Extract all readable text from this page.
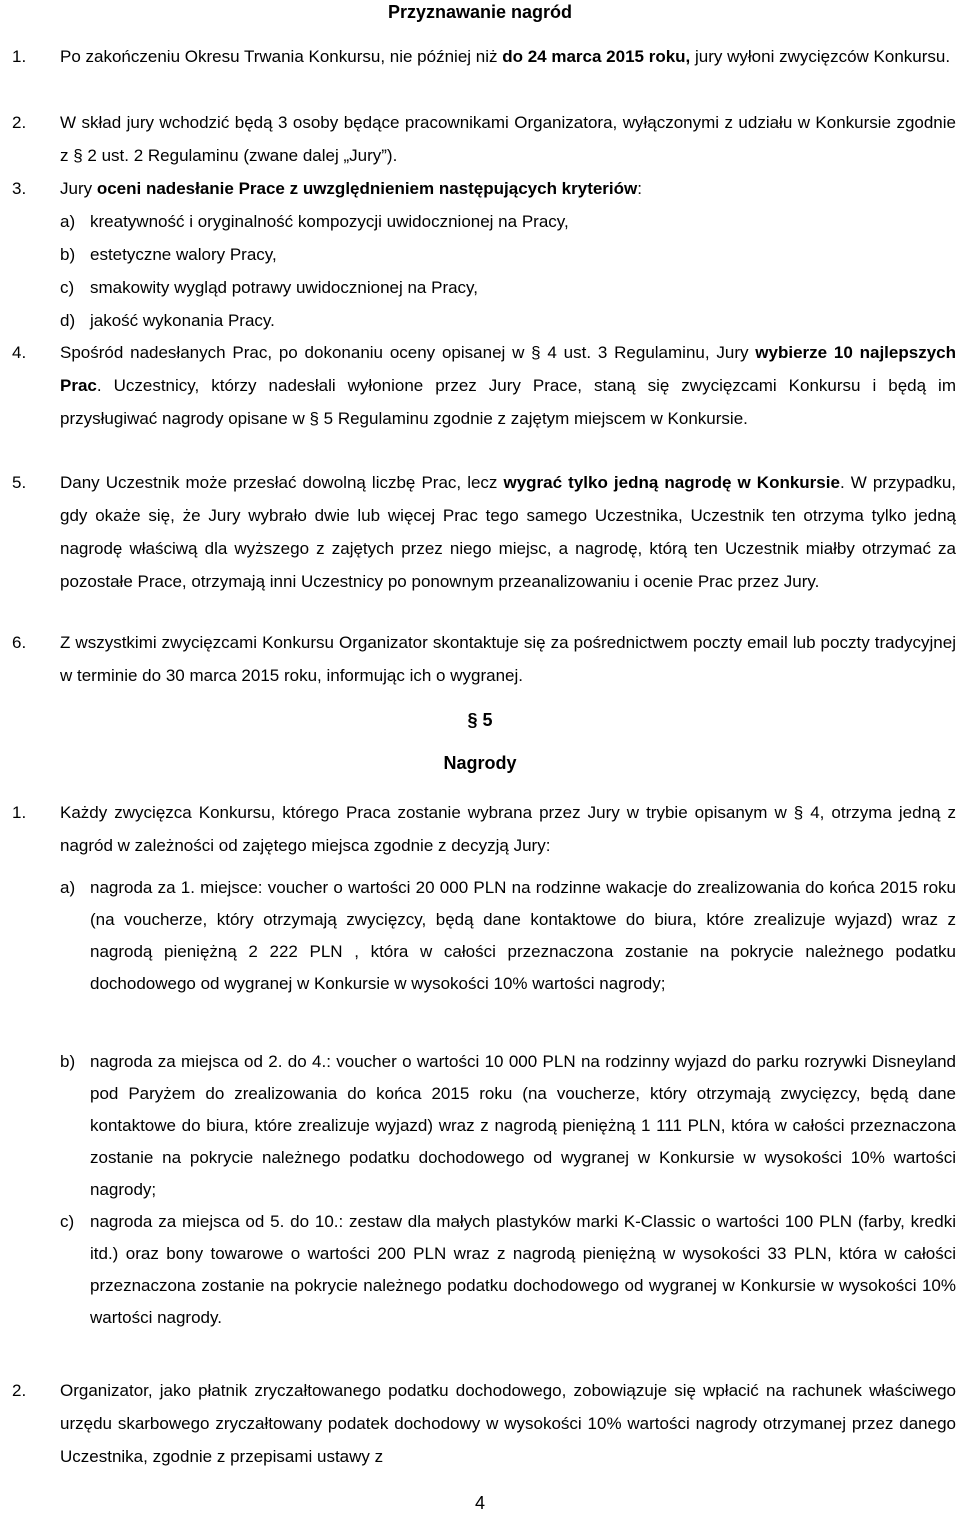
Przyznawanie nagród
1. Po zakończeniu Okresu Trwania Konkursu, nie później niż do 24 marca 2015 roku, jury wyłoni zwycięzców Konkursu.
2. W skład jury wchodzić będą 3 osoby będące pracownikami Organizatora, wyłączonymi z udziału w Konkursie zgodnie z § 2 ust. 2 Regulaminu (zwane dalej „Jury”).
3. Jury oceni nadesłanie Prace z uwzględnieniem następujących kryteriów:
a) kreatywność i oryginalność kompozycji uwidocznionej na Pracy,
b) estetyczne walory Pracy,
c) smakowity wygląd potrawy uwidocznionej na Pracy,
d) jakość wykonania Pracy.
4. Spośród nadesłanych Prac, po dokonaniu oceny opisanej w § 4 ust. 3 Regulaminu, Jury wybierze 10 najlepszych Prac. Uczestnicy, którzy nadesłali wyłonione przez Jury Prace, staną się zwycięzcami Konkursu i będą im przysługiwać nagrody opisane w § 5 Regulaminu zgodnie z zajętym miejscem w Konkursie.
5. Dany Uczestnik może przesłać dowolną liczbę Prac, lecz wygrać tylko jedną nagrodę w Konkursie. W przypadku, gdy okaże się, że Jury wybrało dwie lub więcej Prac tego samego Uczestnika, Uczestnik ten otrzyma tylko jedną nagrodę właściwą dla wyższego z zajętych przez niego miejsc, a nagrodę, którą ten Uczestnik miałby otrzymać za pozostałe Prace, otrzymają inni Uczestnicy po ponownym przeanalizowaniu i ocenie Prac przez Jury.
6. Z wszystkimi zwycięzcami Konkursu Organizator skontaktuje się za pośrednictwem poczty email lub poczty tradycyjnej w terminie do 30 marca 2015 roku, informując ich o wygranej.
§ 5
Nagrody
1. Każdy zwycięzca Konkursu, którego Praca zostanie wybrana przez Jury w trybie opisanym w § 4, otrzyma jedną z nagród w zależności od zajętego miejsca zgodnie z decyzją Jury:
a) nagroda za 1. miejsce: voucher o wartości 20 000 PLN na rodzinne wakacje do zrealizowania do końca 2015 roku (na voucherze, który otrzymają zwycięzcy, będą dane kontaktowe do biura, które zrealizuje wyjazd) wraz z nagrodą pieniężną 2 222 PLN , która w całości przeznaczona zostanie na pokrycie należnego podatku dochodowego od wygranej w Konkursie w wysokości 10% wartości nagrody;
b) nagroda za miejsca od 2. do 4.: voucher o wartości 10 000 PLN na rodzinny wyjazd do parku rozrywki Disneyland pod Paryżem do zrealizowania do końca 2015 roku (na voucherze, który otrzymają zwycięzcy, będą dane kontaktowe do biura, które zrealizuje wyjazd) wraz z nagrodą pieniężną 1 111 PLN, która w całości przeznaczona zostanie na pokrycie należnego podatku dochodowego od wygranej w Konkursie w wysokości 10% wartości nagrody;
c) nagroda za miejsca od 5. do 10.: zestaw dla małych plastyków marki K-Classic o wartości 100 PLN (farby, kredki itd.) oraz bony towarowe o wartości 200 PLN wraz z nagrodą pieniężną w wysokości 33 PLN, która w całości przeznaczona zostanie na pokrycie należnego podatku dochodowego od wygranej w Konkursie w wysokości 10% wartości nagrody.
2. Organizator, jako płatnik zryczałtowanego podatku dochodowego, zobowiązuje się wpłacić na rachunek właściwego urzędu skarbowego zryczałtowany podatek dochodowy w wysokości 10% wartości nagrody otrzymanej przez danego Uczestnika, zgodnie z przepisami ustawy z
4
